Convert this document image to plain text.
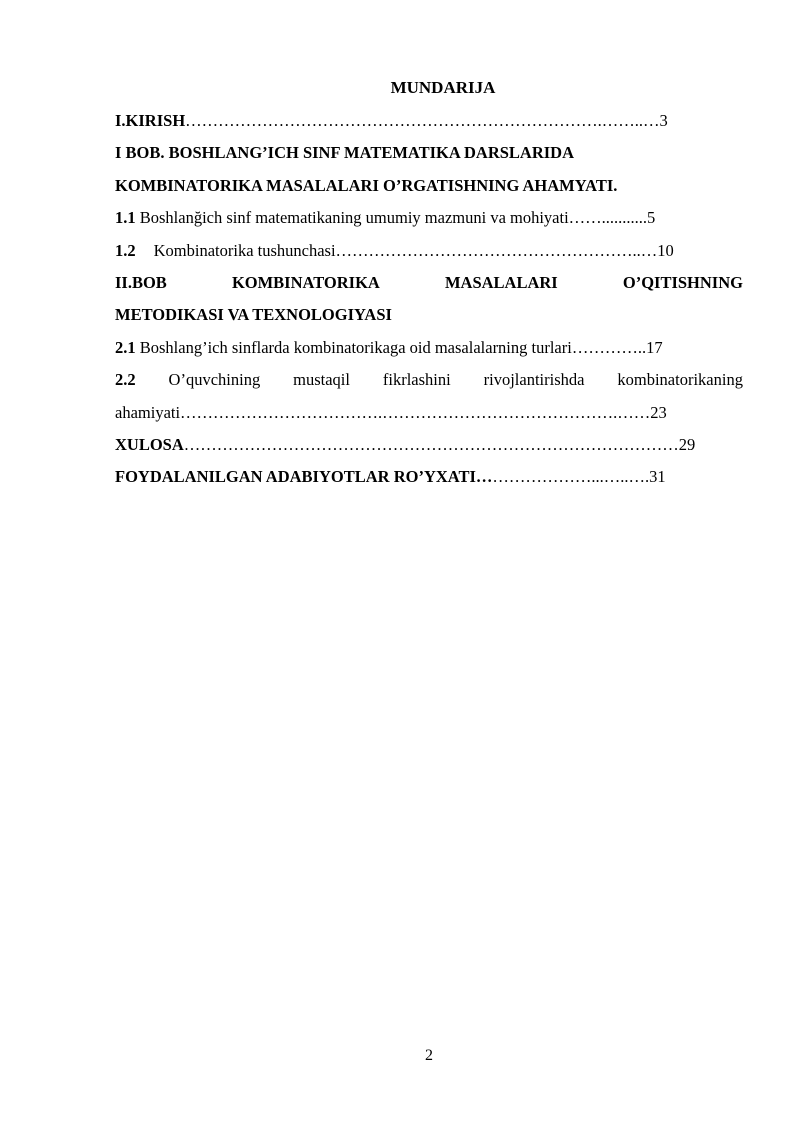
MUNDARIJA
I.KIRISH………………………………………………………………….……..…3
I BOB. BOSHLANG’ICH SINF MATEMATIKA DARSLARIDA
KOMBINATORIKA MASALALARI O’RGATISHNING AHAMYATI.
1.1 Boshlanğich sinf matematikaning umumiy mazmuni va mohiyati……...........5
1.2 Kombinatorika tushunchasi………………………………………………..…10
II.BOB	KOMBINATORIKA	MASALALARI	O’QITISHNING
METODIKASI VA TEXNOLOGIYASI
2.1 Boshlang’ich sinflarda kombinatorikaga oid masalalarning turlari…………..17
2.2 O’quvchining mustaqil fikrlashini rivojlantirishda kombinatorikaning
ahamiyati……………………………….…………………………………….……23
XULOSA………………………………………………………………………………29
FOYDALANILGAN ADABIYOTLAR RO’YXATI…………………...…..….31
2
